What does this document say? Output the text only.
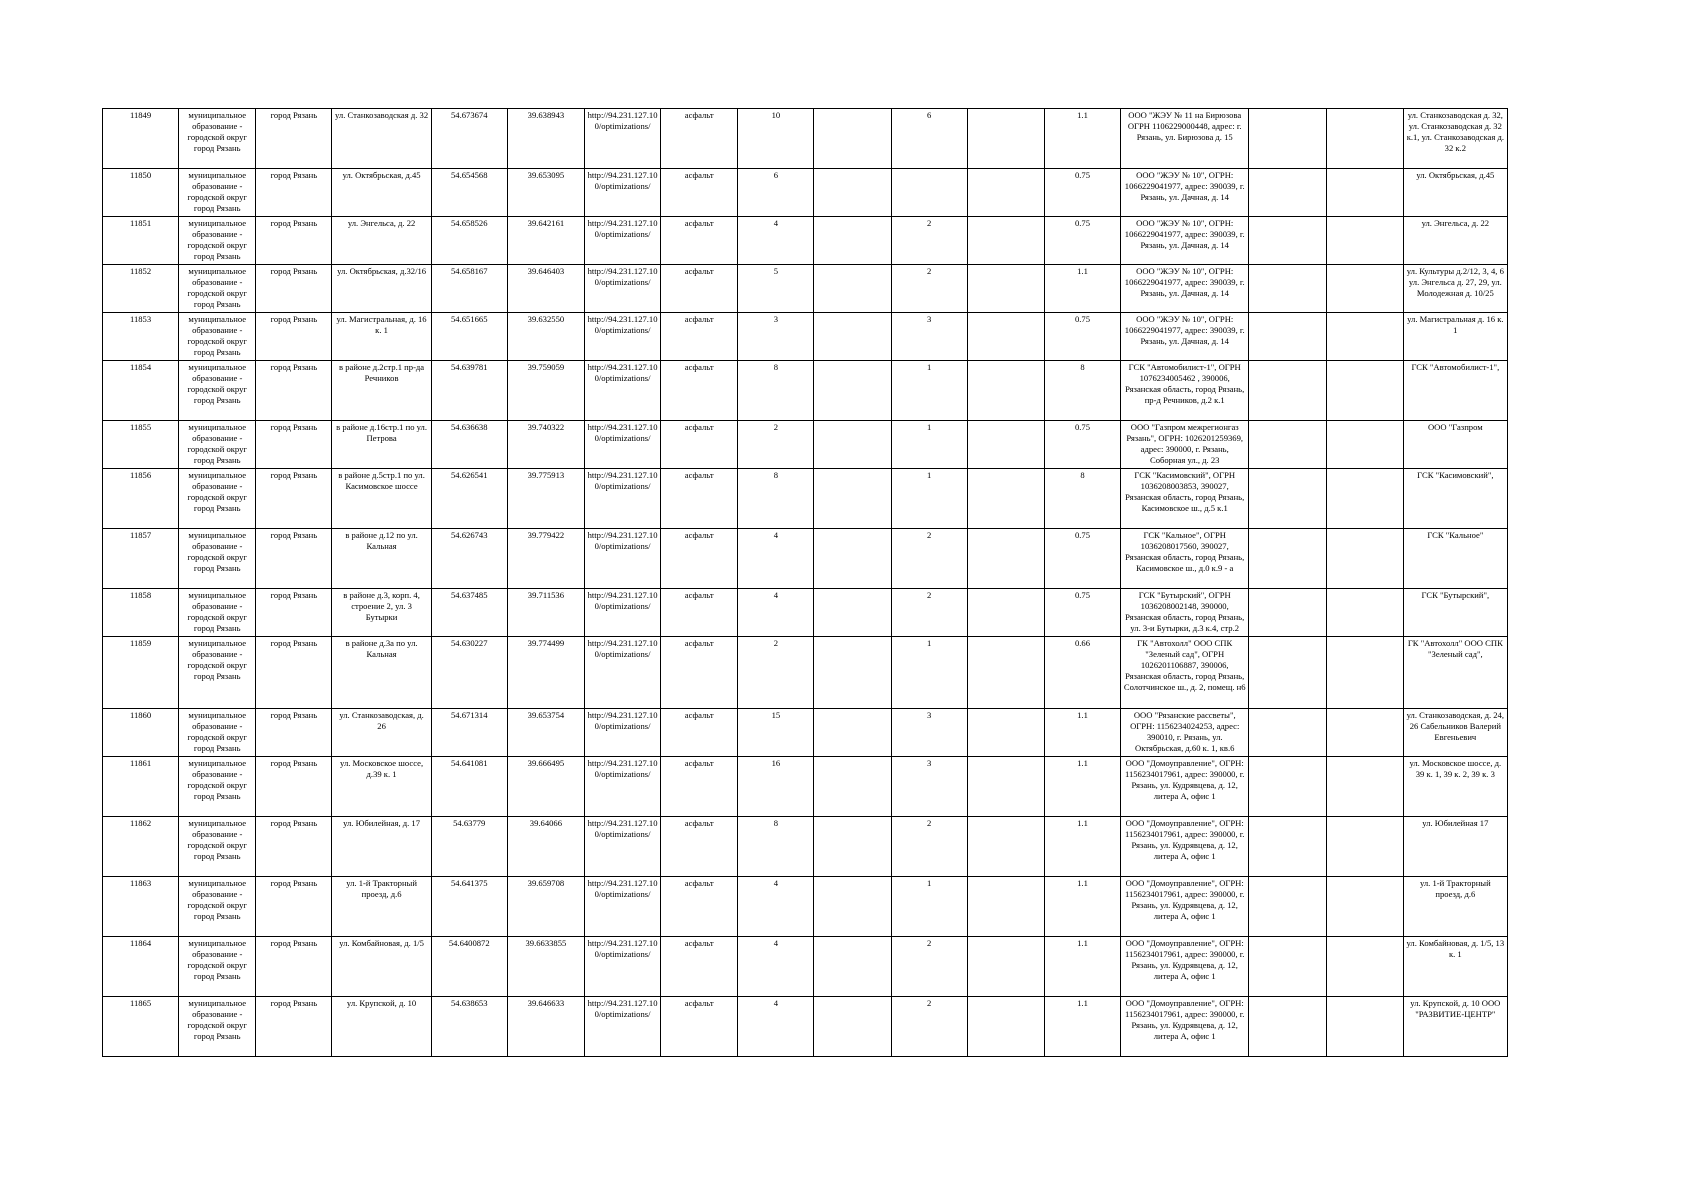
11849	муниципальное образование - городской округ город Рязань	город Рязань	ул. Станкозаводская д. 32	54.673674	39.638943	http://94.231.127.100/optimizations/	асфальт	10		6		1.1	ООО "ЖЭУ № 11 на Бирюзова ОГРН 1106229000448, адрес: г. Рязань, ул. Бирюзова д. 15			ул. Станкозаводская д. 32, ул. Станкозаводская д. 32 к.1, ул. Станкозаводская д. 32 к.2
11850	муниципальное образование - городской округ город Рязань	город Рязань	ул. Октябрьская, д.45	54.654568	39.653095	http://94.231.127.100/optimizations/	асфальт	6				0.75	ООО "ЖЭУ № 10", ОГРН: 1066229041977, адрес: 390039, г. Рязань, ул. Дачная, д. 14			ул. Октябрьская, д.45
11851	муниципальное образование - городской округ город Рязань	город Рязань	ул. Энгельса, д. 22	54.658526	39.642161	http://94.231.127.100/optimizations/	асфальт	4		2		0.75	ООО "ЖЭУ № 10", ОГРН: 1066229041977, адрес: 390039, г. Рязань, ул. Дачная, д. 14			ул. Энгельса, д. 22
11852	муниципальное образование - городской округ город Рязань	город Рязань	ул. Октябрьская, д.32/16	54.658167	39.646403	http://94.231.127.100/optimizations/	асфальт	5		2		1.1	ООО "ЖЭУ № 10", ОГРН: 1066229041977, адрес: 390039, г. Рязань, ул. Дачная, д. 14			ул. Культуры д.2/12, 3, 4, 6 ул. Энгельса д. 27, 29, ул. Молодежная д. 10/25
11853	муниципальное образование - городской округ город Рязань	город Рязань	ул. Магистральная, д. 16 к. 1	54.651665	39.632550	http://94.231.127.100/optimizations/	асфальт	3		3		0.75	ООО "ЖЭУ № 10", ОГРН: 1066229041977, адрес: 390039, г. Рязань, ул. Дачная, д. 14			ул. Магистральная д. 16 к. 1
11854	муниципальное образование - городской округ город Рязань	город Рязань	в районе д.2стр.1 пр-да Речников	54.639781	39.759059	http://94.231.127.100/optimizations/	асфальт	8		1		8	ГСК "Автомобилист-1", ОГРН 1076234005462 , 390006, Рязанская область, город Рязань, пр-д Речников, д.2 к.1			ГСК "Автомобилист-1",
11855	муниципальное образование - городской округ город Рязань	город Рязань	в районе д.16стр.1 по ул. Петрова	54.636638	39.740322	http://94.231.127.100/optimizations/	асфальт	2		1		0.75	ООО "Газпром межрегионгаз Рязань", ОГРН: 1026201259369, адрес: 390000, г. Рязань, Соборная ул., д. 23			ООО "Газпром
11856	муниципальное образование - городской округ город Рязань	город Рязань	в районе д.5стр.1 по ул. Касимовское шоссе	54.626541	39.775913	http://94.231.127.100/optimizations/	асфальт	8		1		8	ГСК "Касимовский", ОГРН 1036208003853, 390027, Рязанская область, город Рязань, Касимовское ш., д.5 к.1			ГСК "Касимовский",
11857	муниципальное образование - городской округ город Рязань	город Рязань	в районе д.12 по ул. Кальная	54.626743	39.779422	http://94.231.127.100/optimizations/	асфальт	4		2		0.75	ГСК "Кальное", ОГРН 1036208017560, 390027, Рязанская область, город Рязань, Касимовское ш., д.0 к.9 - а			ГСК "Кальное"
11858	муниципальное образование - городской округ город Рязань	город Рязань	в районе д.3, корп. 4, строение 2, ул. 3 Бутырки	54.637485	39.711536	http://94.231.127.100/optimizations/	асфальт	4		2		0.75	ГСК "Бутырский", ОГРН 1036208002148, 390000, Рязанская область, город Рязань, ул. 3-и Бутырки, д.3 к.4, стр.2			ГСК "Бутырский",
11859	муниципальное образование - городской округ город Рязань	город Рязань	в районе д.3а по ул. Кальная	54.630227	39.774499	http://94.231.127.100/optimizations/	асфальт	2		1		0.66	ГК "Автохолл" ООО СПК "Зеленый сад", ОГРН 1026201106887, 390006, Рязанская область, город Рязань, Солотчинское ш., д. 2, помещ. н6			ГК "Автохолл" ООО СПК "Зеленый сад",
11860	муниципальное образование - городской округ город Рязань	город Рязань	ул. Станкозаводская, д. 26	54.671314	39.653754	http://94.231.127.100/optimizations/	асфальт	15		3		1.1	ООО "Рязанские рассветы", ОГРН: 1156234024253, адрес: 390010, г. Рязань, ул. Октябрьская, д.60 к. 1, кв.6			ул. Станкозаводская, д. 24, 26 Сабельников Валерий Евгеньевич
11861	муниципальное образование - городской округ город Рязань	город Рязань	ул. Московское шоссе, д.39 к. 1	54.641081	39.666495	http://94.231.127.100/optimizations/	асфальт	16		3		1.1	ООО "Домоуправление", ОГРН: 1156234017961, адрес: 390000, г. Рязань, ул. Кудрявцева, д. 12, литера А, офис 1			ул. Московское шоссе, д. 39 к. 1, 39 к. 2, 39 к. 3
11862	муниципальное образование - городской округ город Рязань	город Рязань	ул. Юбилейная, д. 17	54.63779	39.64066	http://94.231.127.100/optimizations/	асфальт	8		2		1.1	ООО "Домоуправление", ОГРН: 1156234017961, адрес: 390000, г. Рязань, ул. Кудрявцева, д. 12, литера А, офис 1			ул. Юбилейная 17
11863	муниципальное образование - городской округ город Рязань	город Рязань	ул. 1-й Тракторный проезд, д.6	54.641375	39.659708	http://94.231.127.100/optimizations/	асфальт	4		1		1.1	ООО "Домоуправление", ОГРН: 1156234017961, адрес: 390000, г. Рязань, ул. Кудрявцева, д. 12, литера А, офис 1			ул. 1-й Тракторный проезд, д.6
11864	муниципальное образование - городской округ город Рязань	город Рязань	ул. Комбайновая, д. 1/5	54.6400872	39.6633855	http://94.231.127.100/optimizations/	асфальт	4		2		1.1	ООО "Домоуправление", ОГРН: 1156234017961, адрес: 390000, г. Рязань, ул. Кудрявцева, д. 12, литера А, офис 1			ул. Комбайновая, д. 1/5, 13 к. 1
11865	муниципальное образование - городской округ город Рязань	город Рязань	ул. Крупской, д. 10	54.638653	39.646633	http://94.231.127.100/optimizations/	асфальт	4		2		1.1	ООО "Домоуправление", ОГРН: 1156234017961, адрес: 390000, г. Рязань, ул. Кудрявцева, д. 12, литера А, офис 1			ул. Крупской, д. 10 ООО "РАЗВИТИЕ-ЦЕНТР"
